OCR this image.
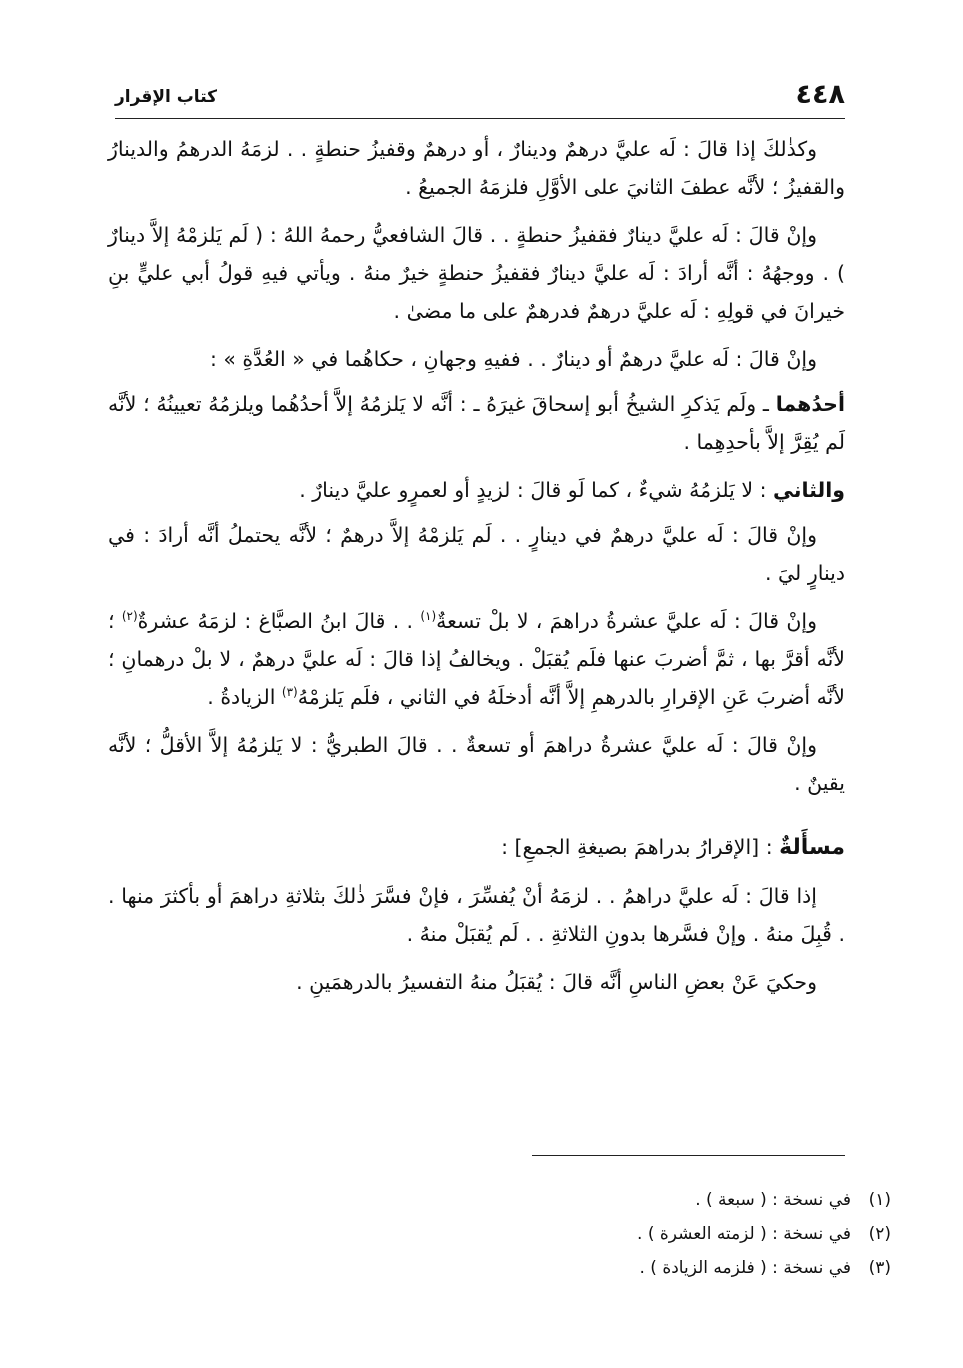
٤٤٨
كتاب الإقرار

وكذٰلكَ إذا قالَ : لَه عليَّ درهمٌ ودينارٌ ، أو درهمٌ وقفيزُ حنطةٍ . . لزمَهُ الدرهمُ والدينارُ والقفيزُ ؛ لأنَّه عطفَ الثانيَ على الأوَّلِ فلزمَهُ الجميعُ .

وإنْ قالَ : لَه عليَّ دينارٌ فقفيزُ حنطةٍ . . قالَ الشافعيُّ رحمهُ اللهُ : ( لَم يَلزمْهُ إلاَّ دينارٌ ) . ووجهُهُ : أنَّه أرادَ : لَه عليَّ دينارٌ فقفيزُ حنطةٍ خيرٌ منهُ . ويأتي فيهِ قولُ أبي عليٍّ بنِ خيرانَ في قولِهِ : لَه عليَّ درهمٌ فدرهمٌ على ما مضىٰ .

وإنْ قالَ : لَه عليَّ درهمٌ أو دينارٌ . . ففيهِ وجهانِ ، حكاهُما في « العُدَّةِ » :

أحدُهما ـ ولَم يَذكرِ الشيخُ أبو إسحاقَ غيرَهُ ـ : أنَّه لا يَلزمُهُ إلاَّ أحدُهُما ويلزمُهُ تعيينُهُ ؛ لأنَّه لَم يُقِرَّ إلاَّ بأحدِهِما .

والثاني : لا يَلزمُهُ شيءٌ ، كما لَو قالَ : لزيدٍ أو لعمرٍو عليَّ دينارٌ .

وإنْ قالَ : لَه عليَّ درهمٌ في دينارٍ . . لَم يَلزمْهُ إلاَّ درهمٌ ؛ لأنَّه يحتملُ أنَّه أرادَ : في دينارٍ ليَ .

وإنْ قالَ : لَه عليَّ عشرةُ دراهمَ ، لا بلْ تسعةٌ$^{(١)}$ . . قالَ ابنُ الصبَّاغ : لزمَهُ عشرةٌ$^{(٢)}$ ؛ لأنَّه أقرَّ بها ، ثمَّ أضربَ عنها فلَم يُقبَلْ . ويخالفُ إذا قالَ : لَه عليَّ درهمٌ ، لا بلْ درهمانِ ؛ لأنَّه أضربَ عَنِ الإقرارِ بالدرهمِ إلاَّ أنَّه أدخلَهُ في الثاني ، فلَم يَلزمْهُ$^{(٣)}$ الزيادةُ .

وإنْ قالَ : لَه عليَّ عشرةُ دراهمَ أو تسعةٌ . . قالَ الطبريُّ : لا يَلزمُهُ إلاَّ الأقلُّ ؛ لأنَّه يقينٌ .

مسأَلةٌ : [الإقرارُ بدراهمَ بصيغةِ الجمعِ] :

إذا قالَ : لَه عليَّ دراهمُ . . لزمَهُ أنْ يُفسِّرَ ، فإنْ فسَّرَ ذٰلكَ بثلاثةِ دراهمَ أو بأكثرَ منها . . قُبِلَ منهُ . وإنْ فسَّرها بدونِ الثلاثةِ . . لَم يُقبَلْ منهُ .

وحكيَ عَنْ بعضِ الناسِ أنَّه قالَ : يُقبَلُ منهُ التفسيرُ بالدرهمَينِ .

(١)في نسخة : ( سبعة ) .
(٢)في نسخة : ( لزمته العشرة ) .
(٣)في نسخة : ( فلزمه الزيادة ) .
